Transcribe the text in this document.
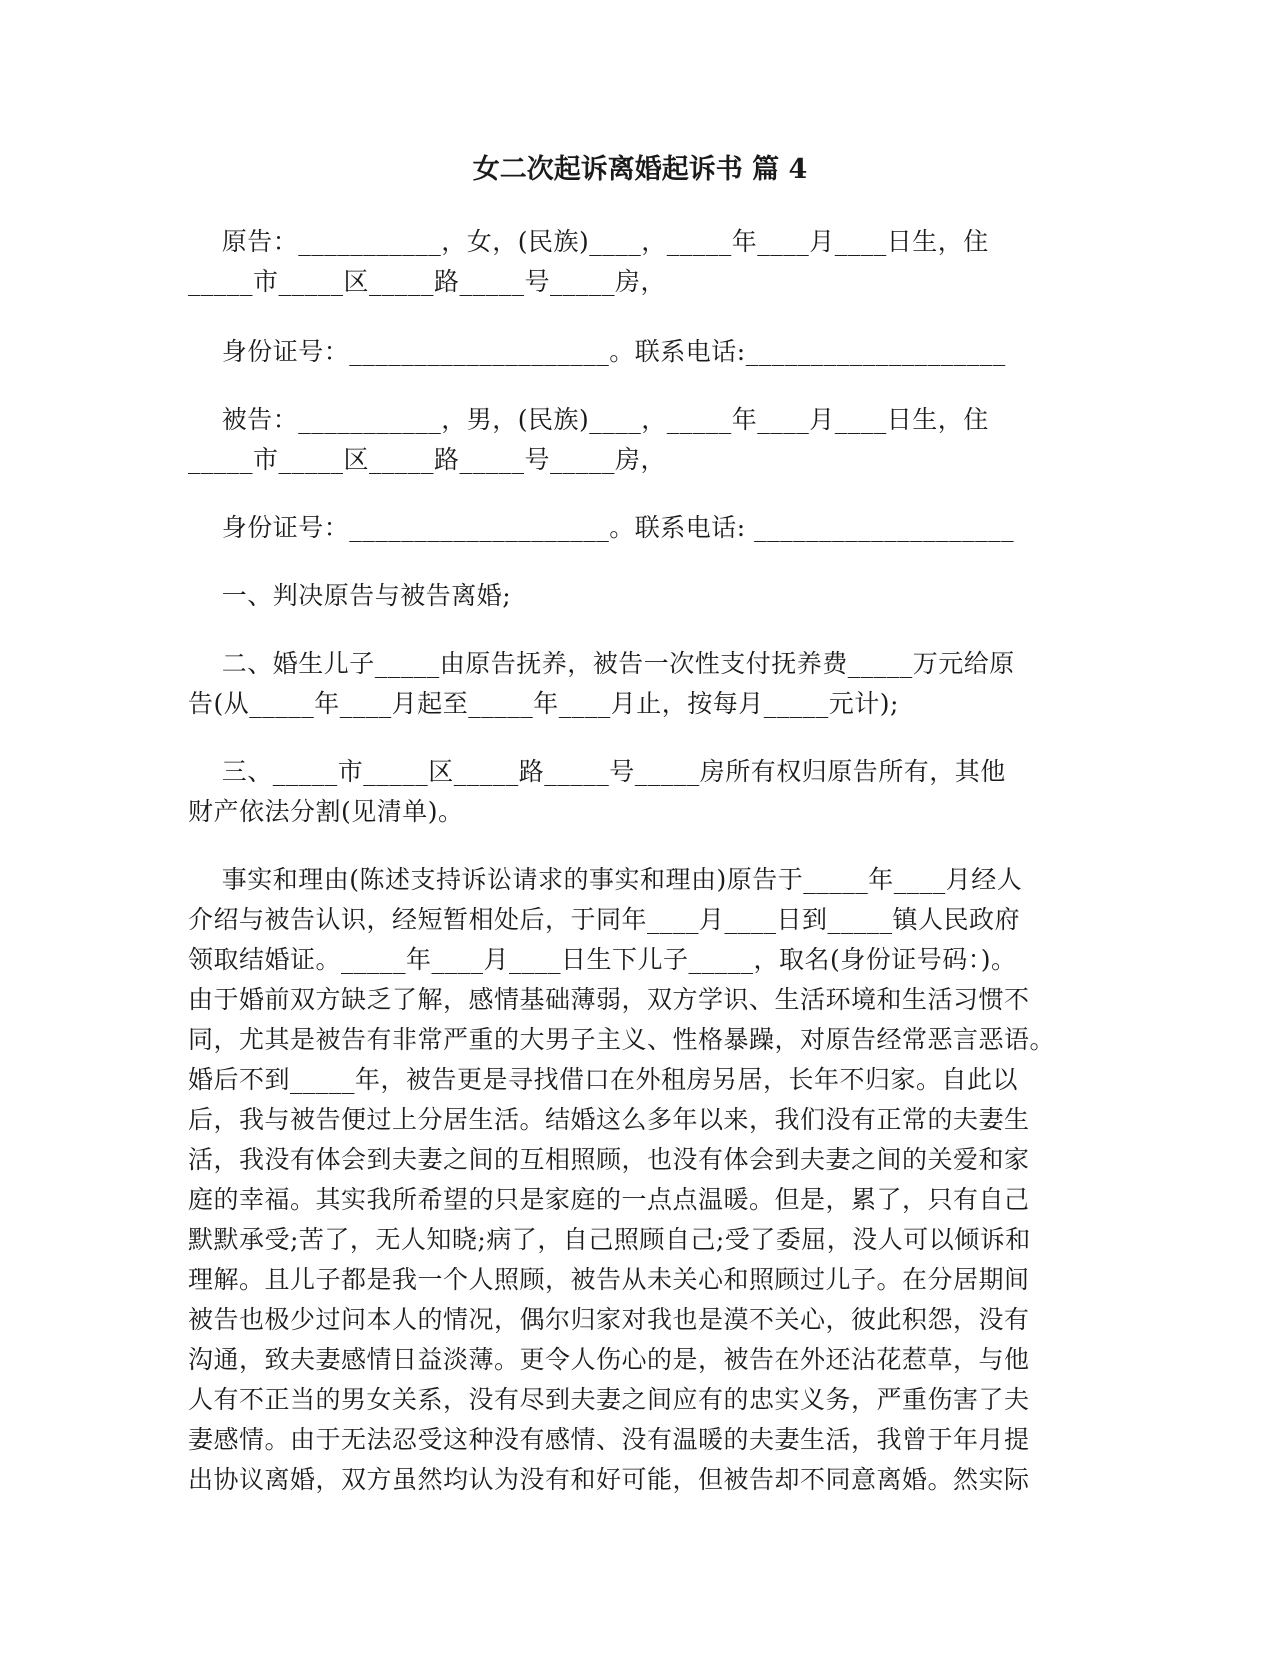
女二次起诉离婚起诉书 篇 4
原告：___________，女，(民族)____，_____年____月____日生，住
_____市_____区_____路_____号_____房，
身份证号：____________________。联系电话:____________________
被告：___________，男，(民族)____，_____年____月____日生，住
_____市_____区_____路_____号_____房，
身份证号：____________________。联系电话: ____________________
一、判决原告与被告离婚;
二、婚生儿子_____由原告抚养，被告一次性支付抚养费_____万元给原
告(从_____年____月起至_____年____月止，按每月_____元计);
三、_____市_____区_____路_____号_____房所有权归原告所有，其他
财产依法分割(见清单)。
事实和理由(陈述支持诉讼请求的事实和理由)原告于_____年____月经人
介绍与被告认识，经短暂相处后，于同年____月____日到_____镇人民政府
领取结婚证。_____年____月____日生下儿子_____，取名(身份证号码：)。
由于婚前双方缺乏了解，感情基础薄弱，双方学识、生活环境和生活习惯不
同，尤其是被告有非常严重的大男子主义、性格暴躁，对原告经常恶言恶语。
婚后不到_____年，被告更是寻找借口在外租房另居，长年不归家。自此以
后，我与被告便过上分居生活。结婚这么多年以来，我们没有正常的夫妻生
活，我没有体会到夫妻之间的互相照顾，也没有体会到夫妻之间的关爱和家
庭的幸福。其实我所希望的只是家庭的一点点温暖。但是，累了，只有自己
默默承受;苦了，无人知晓;病了，自己照顾自己;受了委屈，没人可以倾诉和
理解。且儿子都是我一个人照顾，被告从未关心和照顾过儿子。在分居期间
被告也极少过问本人的情况，偶尔归家对我也是漠不关心，彼此积怨，没有
沟通，致夫妻感情日益淡薄。更令人伤心的是，被告在外还沾花惹草，与他
人有不正当的男女关系，没有尽到夫妻之间应有的忠实义务，严重伤害了夫
妻感情。由于无法忍受这种没有感情、没有温暖的夫妻生活，我曾于年月提
出协议离婚，双方虽然均认为没有和好可能，但被告却不同意离婚。然实际
